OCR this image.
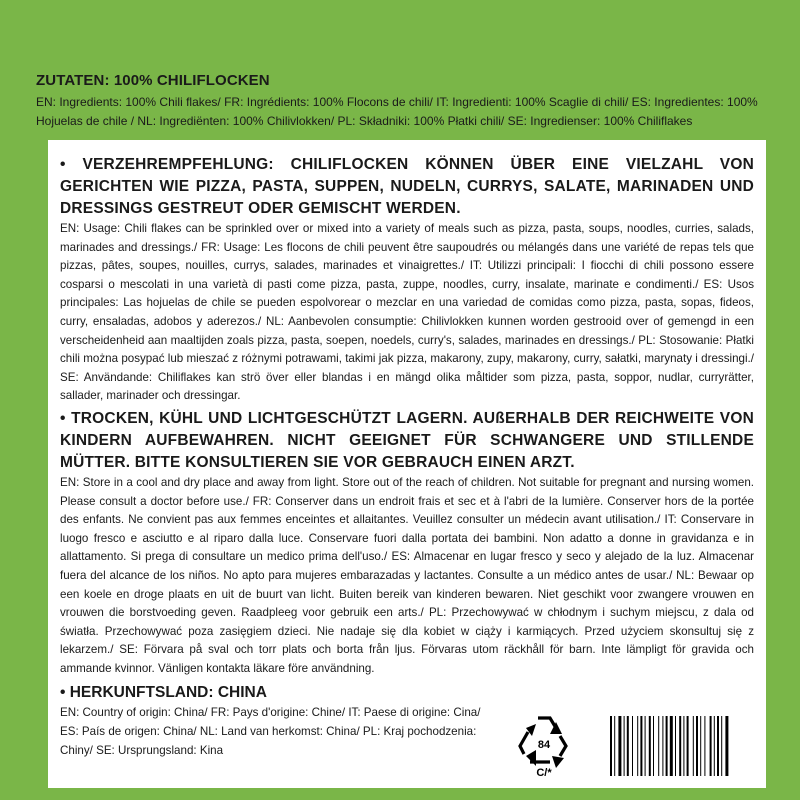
ZUTATEN: 100% CHILIFLOCKEN
EN: Ingredients: 100% Chili flakes/ FR: Ingrédients: 100% Flocons de chili/ IT: Ingredienti: 100% Scaglie di chili/ ES: Ingredientes: 100% Hojuelas de chile / NL: Ingrediënten: 100% Chilivlokken/ PL: Składniki: 100% Płatki chili/ SE: Ingredienser: 100% Chiliflakes
• VERZEHREMPFEHLUNG: CHILIFLOCKEN KÖNNEN ÜBER EINE VIELZAHL VON GERICHTEN WIE PIZZA, PASTA, SUPPEN, NUDELN, CURRYS, SALATE, MARINADEN UND DRESSINGS GESTREUT ODER GEMISCHT WERDEN.
EN: Usage: Chili flakes can be sprinkled over or mixed into a variety of meals such as pizza, pasta, soups, noodles, curries, salads, marinades and dressings./ FR: Usage: Les flocons de chili peuvent être saupoudrés ou mélangés dans une variété de repas tels que pizzas, pâtes, soupes, nouilles, currys, salades, marinades et vinaigrettes./ IT: Utilizzi principali: I fiocchi di chili possono essere cosparsi o mescolati in una varietà di pasti come pizza, pasta, zuppe, noodles, curry, insalate, marinate e condimenti./ ES: Usos principales: Las hojuelas de chile se pueden espolvorear o mezclar en una variedad de comidas como pizza, pasta, sopas, fideos, curry, ensaladas, adobos y aderezos./ NL: Aanbevolen consumptie: Chilivlokken kunnen worden gestrooid over of gemengd in een verscheidenheid aan maaltijden zoals pizza, pasta, soepen, noedels, curry's, salades, marinades en dressings./ PL: Stosowanie: Płatki chili można posypać lub mieszać z różnymi potrawami, takimi jak pizza, makarony, zupy, makarony, curry, sałatki, marynaty i dressingi./ SE: Användande: Chiliflakes kan strö över eller blandas i en mängd olika måltider som pizza, pasta, soppor, nudlar, curryrätter, sallader, marinader och dressingar.
• TROCKEN, KÜHL UND LICHTGESCHÜTZT LAGERN. AUßERHALB DER REICHWEITE VON KINDERN AUFBEWAHREN. NICHT GEEIGNET FÜR SCHWANGERE UND STILLENDE MÜTTER. BITTE KONSULTIEREN SIE VOR GEBRAUCH EINEN ARZT.
EN: Store in a cool and dry place and away from light. Store out of the reach of children. Not suitable for pregnant and nursing women. Please consult a doctor before use./ FR: Conserver dans un endroit frais et sec et à l'abri de la lumière. Conserver hors de la portée des enfants. Ne convient pas aux femmes enceintes et allaitantes. Veuillez consulter un médecin avant utilisation./ IT: Conservare in luogo fresco e asciutto e al riparo dalla luce. Conservare fuori dalla portata dei bambini. Non adatto a donne in gravidanza e in allattamento. Si prega di consultare un medico prima dell'uso./ ES: Almacenar en lugar fresco y seco y alejado de la luz. Almacenar fuera del alcance de los niños. No apto para mujeres embarazadas y lactantes. Consulte a un médico antes de usar./ NL: Bewaar op een koele en droge plaats en uit de buurt van licht. Buiten bereik van kinderen bewaren. Niet geschikt voor zwangere vrouwen en vrouwen die borstvoeding geven. Raadpleeg voor gebruik een arts./ PL: Przechowywać w chłodnym i suchym miejscu, z dala od światła. Przechowywać poza zasięgiem dzieci. Nie nadaje się dla kobiet w ciąży i karmiących. Przed użyciem skonsultuj się z lekarzem./ SE: Förvara på sval och torr plats och borta från ljus. Förvaras utom räckhåll för barn. Inte lämpligt för gravida och ammande kvinnor. Vänligen kontakta läkare före användning.
• HERKUNFTSLAND: CHINA
EN: Country of origin: China/ FR: Pays d'origine: Chine/ IT: Paese di origine: Cina/ ES: País de origen: China/ NL: Land van herkomst: China/ PL: Kraj pochodzenia: Chiny/ SE: Ursprungsland: Kina	84
C/*
